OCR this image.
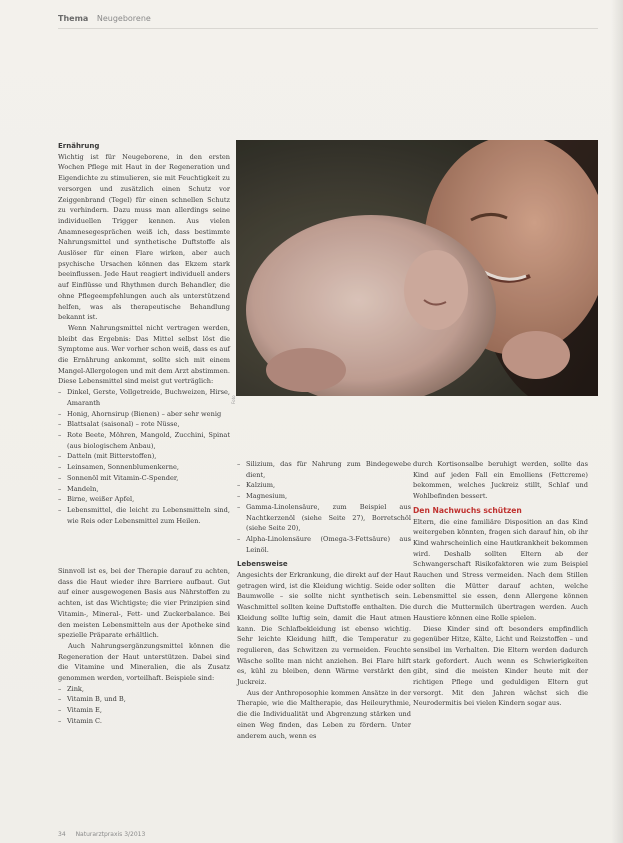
Thema Neugeborene

Ernährung

Wichtig ist für Neugeborene, in den ersten Wochen Pflege mit Haut in der Regeneration und Eigendichte zu stimulieren, sie mit Feuchtigkeit zu versorgen und zusätzlich einen Schutz vor Zeiggenbrand (Tegel) für einen schnellen Schutz zu verhindern. Dazu muss man allerdings seine individuellen Trigger kennen. Aus vielen Anamnesegesprächen weiß ich, dass bestimmte Nahrungsmittel und synthetische Duftstoffe als Auslöser für einen Flare wirken, aber auch psychische Ursachen können das Ekzem stark beeinflussen. Jede Haut reagiert individuell anders auf Einflüsse und Rhythmen durch Behandler, die ohne Pflegeempfehlungen auch als unterstützend helfen, was als therapeutische Behandlung bekannt ist.

Wenn Nahrungsmittel nicht vertragen werden, bleibt das Ergebnis: Das Mittel selbst löst die Symptome aus. Wer vorher schon weiß, dass es auf die Ernährung ankommt, sollte sich mit einem Mangel-Allergologen und mit dem Arzt abstimmen. Diese Lebensmittel sind meist gut verträglich:

– Dinkel, Gerste, Vollgetreide, Buchweizen, Hirse, Amaranth
– Honig, Ahornsirup (Bienen) – aber sehr wenig
– Blattsalat (saisonal) – rote Nüsse,
– Rote Beete, Möhren, Mangold, Zucchini, Spinat (aus biologischem Anbau),
– Datteln (mit Bitterstoffen),
– Leinsamen, Sonnenblumenkerne,
– Sonnenöl mit Vitamin-C-Spender,
– Mandeln,
– Birne, weißer Apfel,
– Lebensmittel, die leicht zu Lebensmitteln sind, wie Reis oder Lebensmittel zum Heilen.

Sinnvoll ist es, bei der Therapie darauf zu achten, dass die Haut wieder ihre Barriere aufbaut. Gut auf einer ausgewogenen Basis aus Nährstoffen zu achten, ist das Wichtigste; die vier Prinzipien sind Vitamin-, Mineral-, Fett- und Zuckerbalance. Bei den meisten Lebensmitteln aus der Apotheke sind spezielle Präparate erhältlich.

Auch Nahrungsergänzungsmittel können die Regeneration der Haut unterstützen. Dabei sind die Vitamine und Mineralien, die als Zusatz genommen werden, vorteilhaft. Beispiele sind:

– Zink,
– Vitamin B, und B,
– Vitamin E,
– Vitamin C.
Foto
– Silizium, das für Nahrung zum Bindegewebe dient,
– Kalzium,
– Magnesium,
– Gamma-Linolensäure, zum Beispiel aus Nachtkerzenöl (siehe Seite 27), Borretschöl (siehe Seite 20),
– Alpha-Linolensäure (Omega-3-Fettsäure) aus Leinöl.

Lebensweise

Angesichts der Erkrankung, die direkt auf der Haut getragen wird, ist die Kleidung wichtig. Seide oder Baumwolle – sie sollte nicht synthetisch sein. Waschmittel sollten keine Duftstoffe enthalten. Die Kleidung sollte luftig sein, damit die Haut atmen kann. Die Schlafbekleidung ist ebenso wichtig. Sehr leichte Kleidung hilft, die Temperatur zu regulieren, das Schwitzen zu vermeiden. Feuchte Wäsche sollte man nicht anziehen. Bei Flare hilft es, kühl zu bleiben, denn Wärme verstärkt den Juckreiz.

Aus der Anthroposophie kommen Ansätze in der Therapie, wie die Maltherapie, das Heileurythmie, die die Individualität und Abgrenzung stärken und einen Weg finden, das Leben zu fördern. Unter anderem auch, wenn es

durch Kortisonsalbe beruhigt werden, sollte das Kind auf jeden Fall ein Emolliens (Fettcreme) bekommen, welches Juckreiz stillt, Schlaf und Wohlbefinden bessert.

Den Nachwuchs schützen

Eltern, die eine familiäre Disposition an das Kind weitergeben könnten, fragen sich darauf hin, ob ihr Kind wahrscheinlich eine Hautkrankheit bekommen wird. Deshalb sollten Eltern ab der Schwangerschaft Risikofaktoren wie zum Beispiel Rauchen und Stress vermeiden. Nach dem Stillen sollten die Mütter darauf achten, welche Lebensmittel sie essen, denn Allergene können durch die Muttermilch übertragen werden. Auch Haustiere können eine Rolle spielen.

Diese Kinder sind oft besonders empfindlich gegenüber Hitze, Kälte, Licht und Reizstoffen – und sensibel im Verhalten. Die Eltern werden dadurch stark gefordert. Auch wenn es Schwierigkeiten gibt, sind die meisten Kinder heute mit der richtigen Pflege und geduldigen Eltern gut versorgt. Mit den Jahren wächst sich die Neurodermitis bei vielen Kindern sogar aus.

34 Naturarztpraxis 3/2013
